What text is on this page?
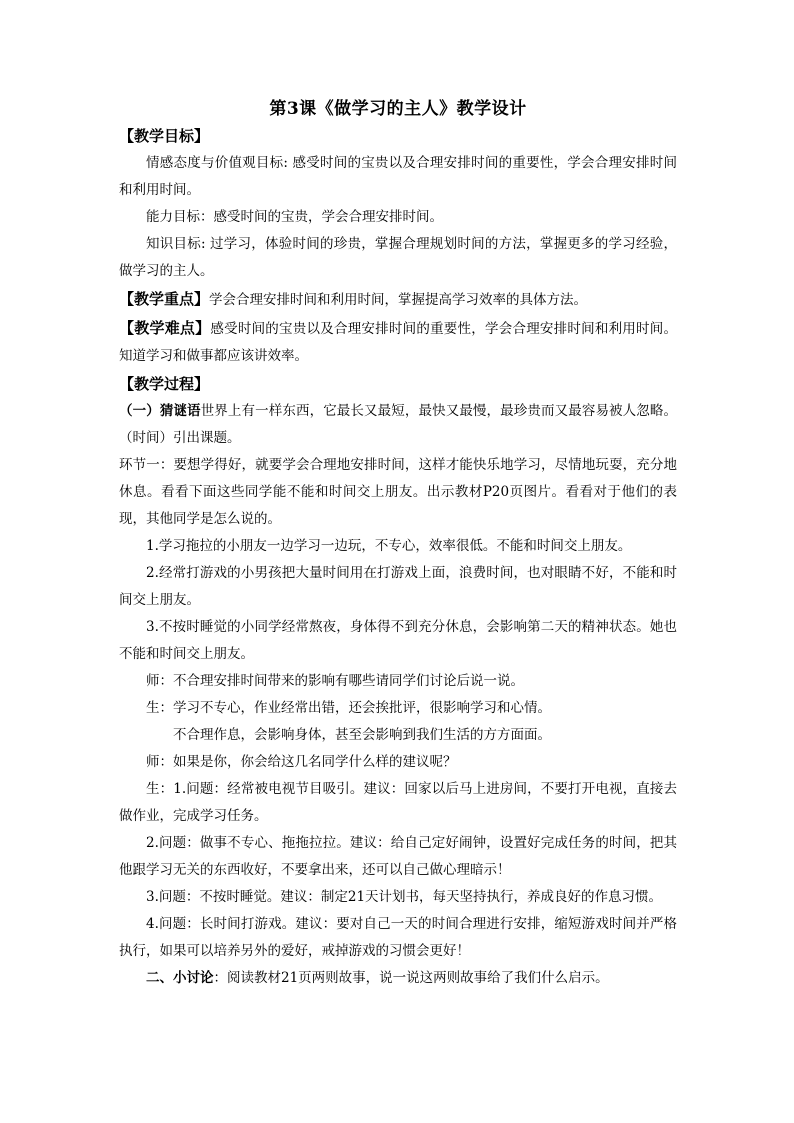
第3课《做学习的主人》教学设计
【教学目标】

情感态度与价值观目标: 感受时间的宝贵以及合理安排时间的重要性，学会合理安排时间和利用时间。

能力目标：感受时间的宝贵，学会合理安排时间。

知识目标: 过学习，体验时间的珍贵，掌握合理规划时间的方法，掌握更多的学习经验，做学习的主人。

【教学重点】学会合理安排时间和利用时间，掌握提高学习效率的具体方法。

【教学难点】感受时间的宝贵以及合理安排时间的重要性，学会合理安排时间和利用时间。知道学习和做事都应该讲效率。

【教学过程】

（一）猜谜语世界上有一样东西，它最长又最短，最快又最慢，最珍贵而又最容易被人忽略。（时间）引出课题。

环节一：要想学得好，就要学会合理地安排时间，这样才能快乐地学习，尽情地玩耍，充分地休息。看看下面这些同学能不能和时间交上朋友。出示教材P20页图片。看看对于他们的表现，其他同学是怎么说的。

1.学习拖拉的小朋友一边学习一边玩，不专心，效率很低。不能和时间交上朋友。

2.经常打游戏的小男孩把大量时间用在打游戏上面，浪费时间，也对眼睛不好，不能和时间交上朋友。

3.不按时睡觉的小同学经常熬夜，身体得不到充分休息，会影响第二天的精神状态。她也不能和时间交上朋友。

师：不合理安排时间带来的影响有哪些请同学们讨论后说一说。

生：学习不专心，作业经常出错，还会挨批评，很影响学习和心情。

不合理作息，会影响身体，甚至会影响到我们生活的方方面面。

师：如果是你，你会给这几名同学什么样的建议呢？

生：1.问题：经常被电视节目吸引。建议：回家以后马上进房间，不要打开电视，直接去做作业，完成学习任务。

2.问题：做事不专心、拖拖拉拉。建议：给自己定好闹钟，设置好完成任务的时间，把其他跟学习无关的东西收好，不要拿出来，还可以自己做心理暗示！

3.问题：不按时睡觉。建议：制定21天计划书，每天坚持执行，养成良好的作息习惯。

4.问题：长时间打游戏。建议：要对自己一天的时间合理进行安排，缩短游戏时间并严格执行，如果可以培养另外的爱好，戒掉游戏的习惯会更好！

二、小讨论：阅读教材21页两则故事，说一说这两则故事给了我们什么启示。
